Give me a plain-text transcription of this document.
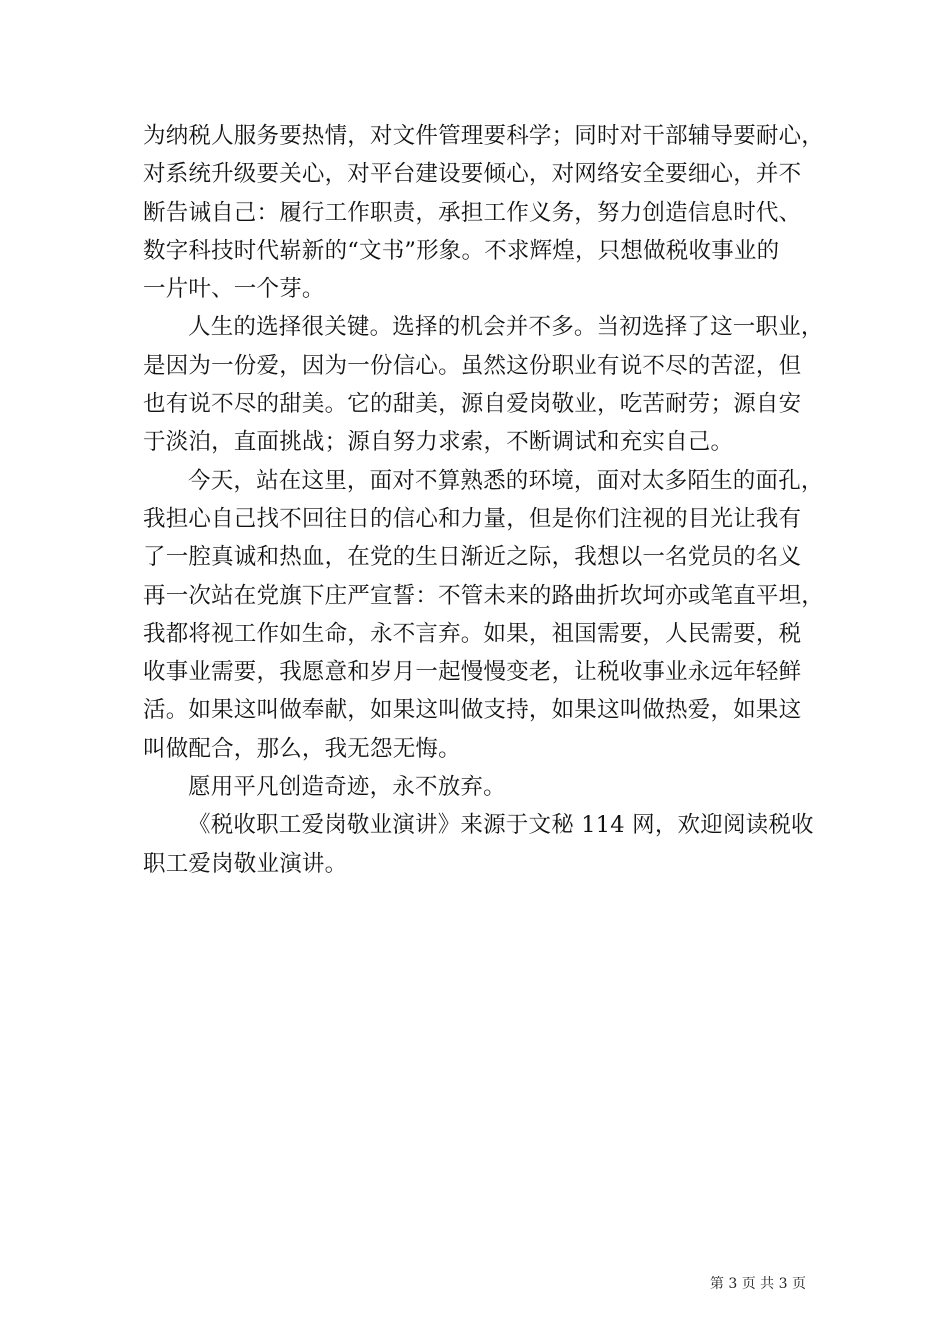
为纳税人服务要热情，对文件管理要科学；同时对干部辅导要耐心，
对系统升级要关心，对平台建设要倾心，对网络安全要细心，并不
断告诫自己：履行工作职责，承担工作义务，努力创造信息时代、
数字科技时代崭新的“文书”形象。不求辉煌，只想做税收事业的
一片叶、一个芽。

人生的选择很关键。选择的机会并不多。当初选择了这一职业，
是因为一份爱，因为一份信心。虽然这份职业有说不尽的苦涩，但
也有说不尽的甜美。它的甜美，源自爱岗敬业，吃苦耐劳；源自安
于淡泊，直面挑战；源自努力求索，不断调试和充实自己。

今天，站在这里，面对不算熟悉的环境，面对太多陌生的面孔，
我担心自己找不回往日的信心和力量，但是你们注视的目光让我有
了一腔真诚和热血，在党的生日渐近之际，我想以一名党员的名义
再一次站在党旗下庄严宣誓：不管未来的路曲折坎坷亦或笔直平坦，
我都将视工作如生命，永不言弃。如果，祖国需要，人民需要，税
收事业需要，我愿意和岁月一起慢慢变老，让税收事业永远年轻鲜
活。如果这叫做奉献，如果这叫做支持，如果这叫做热爱，如果这
叫做配合，那么，我无怨无悔。

愿用平凡创造奇迹，永不放弃。

《税收职工爱岗敬业演讲》来源于文秘 114 网，欢迎阅读税收
职工爱岗敬业演讲。

第 3 页 共 3 页
